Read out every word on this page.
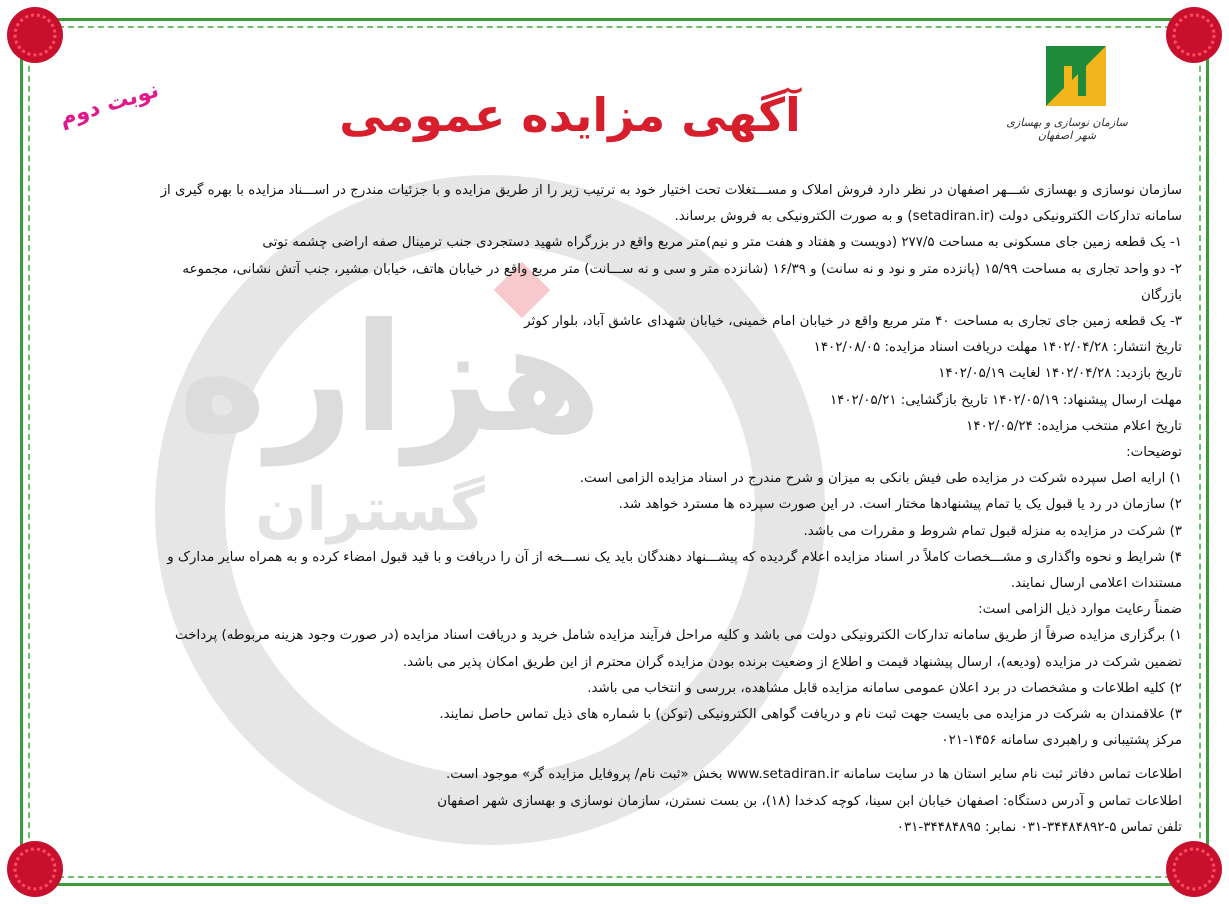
هزاره
گستران
سازمان نوسازی و بهسازی شهر اصفهان
نوبت دوم	آگهی مزایده عمومی

سازمان نوسازی و بهسازی شـــهر اصفهان در نظر دارد فروش املاک و مســـتغلات تحت اختیار خود به ترتیب زیر را از طریق مزایده و با جزئیات مندرج در اســـناد مزایده با بهره گیری از

سامانه تدارکات الکترونیکی دولت (setadiran.ir) و به صورت الکترونیکی به فروش برساند.

۱- یک قطعه زمین جای مسکونی به مساحت ۲۷۷/۵ (دویست و هفتاد و هفت متر و نیم)متر مربع واقع در بزرگراه شهید دستجردی جنب ترمینال صفه اراضی چشمه توتی

۲- دو واحد تجاری به مساحت ۱۵/۹۹ (پانزده متر و نود و نه سانت) و ۱۶/۳۹ (شانزده متر و سی و نه ســـانت) متر مربع واقع در خیابان هاتف، خیابان مشیر، جنب آتش نشانی، مجموعه

بازرگان

۳- یک قطعه زمین جای تجاری به مساحت ۴۰ متر مربع واقع در خیابان امام خمینی، خیابان شهدای عاشق آباد، بلوار کوثر

تاریخ انتشار: ۱۴۰۲/۰۴/۲۸ مهلت دریافت اسناد مزایده: ۱۴۰۲/۰۸/۰۵

تاریخ بازدید: ۱۴۰۲/۰۴/۲۸ لغایت ۱۴۰۲/۰۵/۱۹

مهلت ارسال پیشنهاد: ۱۴۰۲/۰۵/۱۹ تاریخ بازگشایی: ۱۴۰۲/۰۵/۲۱

تاریخ اعلام منتخب مزایده: ۱۴۰۲/۰۵/۲۴

توضیحات:

۱) ارایه اصل سپرده شرکت در مزایده طی فیش بانکی به میزان و شرح مندرج در اسناد مزایده الزامی است.

۲) سازمان در رد یا قبول یک یا تمام پیشنهادها مختار است. در این صورت سپرده ها مسترد خواهد شد.

۳) شرکت در مزایده به منزله قبول تمام شروط و مقررات می باشد.

۴) شرایط و نحوه واگذاری و مشـــخصات کاملاً در اسناد مزایده اعلام گردیده که پیشـــنهاد دهندگان باید یک نســـخه از آن را دریافت و با قید قبول امضاء کرده و به همراه سایر مدارک و

مستندات اعلامی ارسال نمایند.

ضمناً رعایت موارد ذیل الزامی است:

۱) برگزاری مزایده صرفاً از طریق سامانه تدارکات الکترونیکی دولت می باشد و کلیه مراحل فرآیند مزایده شامل خرید و دریافت اسناد مزایده (در صورت وجود هزینه مربوطه) پرداخت

تضمین شرکت در مزایده (ودیعه)، ارسال پیشنهاد قیمت و اطلاع از وضعیت برنده بودن مزایده گران محترم از این طریق امکان پذیر می باشد.

۲) کلیه اطلاعات و مشخصات در برد اعلان عمومی سامانه مزایده قابل مشاهده، بررسی و انتخاب می باشد.

۳) علاقمندان به شرکت در مزایده می بایست جهت ثبت نام و دریافت گواهی الکترونیکی (توکن) با شماره های ذیل تماس حاصل نمایند.

مرکز پشتیبانی و راهبردی سامانه ۱۴۵۶-۰۲۱

اطلاعات تماس دفاتر ثبت نام سایر استان ها در سایت سامانه www.setadiran.ir بخش «ثبت نام/ پروفایل مزایده گر» موجود است.

اطلاعات تماس و آدرس دستگاه: اصفهان خیابان ابن سینا، کوچه کدخدا (۱۸)، بن بست نسترن، سازمان نوسازی و بهسازی شهر اصفهان

تلفن تماس ۵-۳۴۴۸۴۸۹۲-۰۳۱ نمابر: ۳۴۴۸۴۸۹۵-۰۳۱
